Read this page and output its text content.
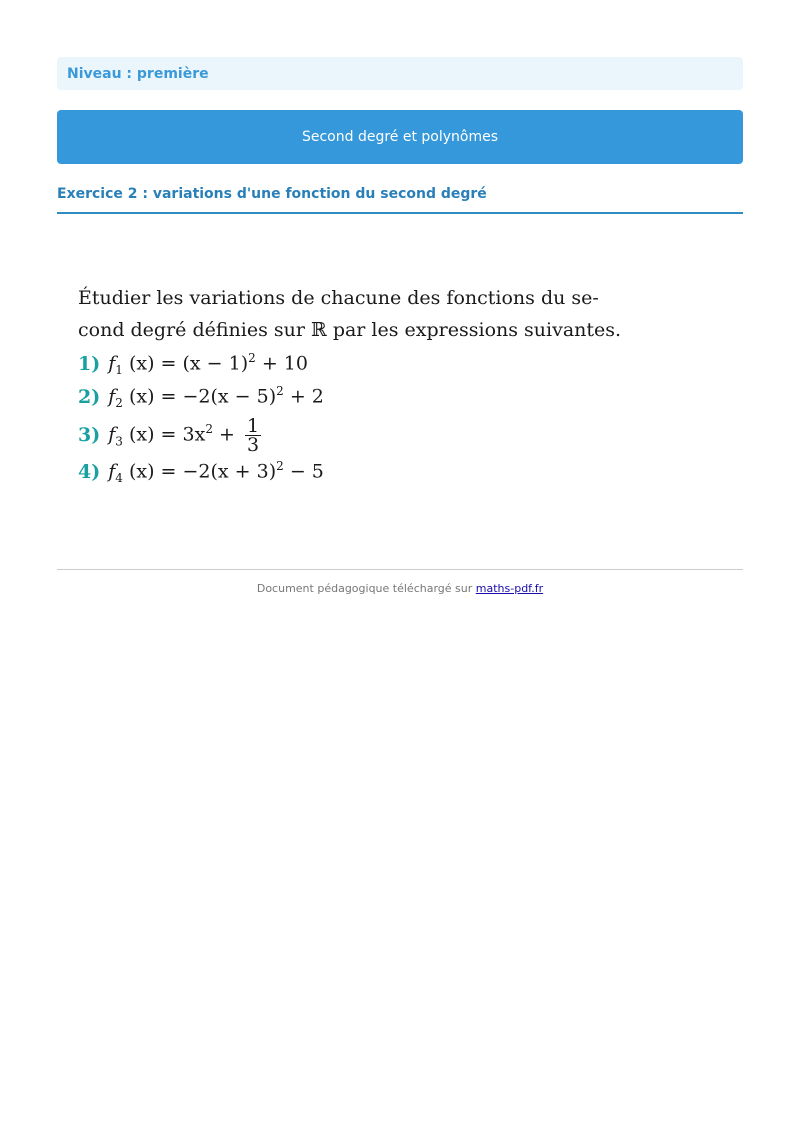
Niveau : première
Second degré et polynômes
Exercice 2 : variations d'une fonction du second degré
Étudier les variations de chacune des fonctions du se-
cond degré définies sur ℝ par les expressions suivantes.
1) $f_1$ $(x) = (x - 1)^2 + 10$
2) $f_2$ $(x) = -2(x - 5)^2 + 2$
3) $f_3$ $(x) = 3x^2 + \frac{1}{3}$
4) $f_4$ $(x) = -2(x + 3)^2 - 5$
Document pédagogique téléchargé sur maths-pdf.fr
